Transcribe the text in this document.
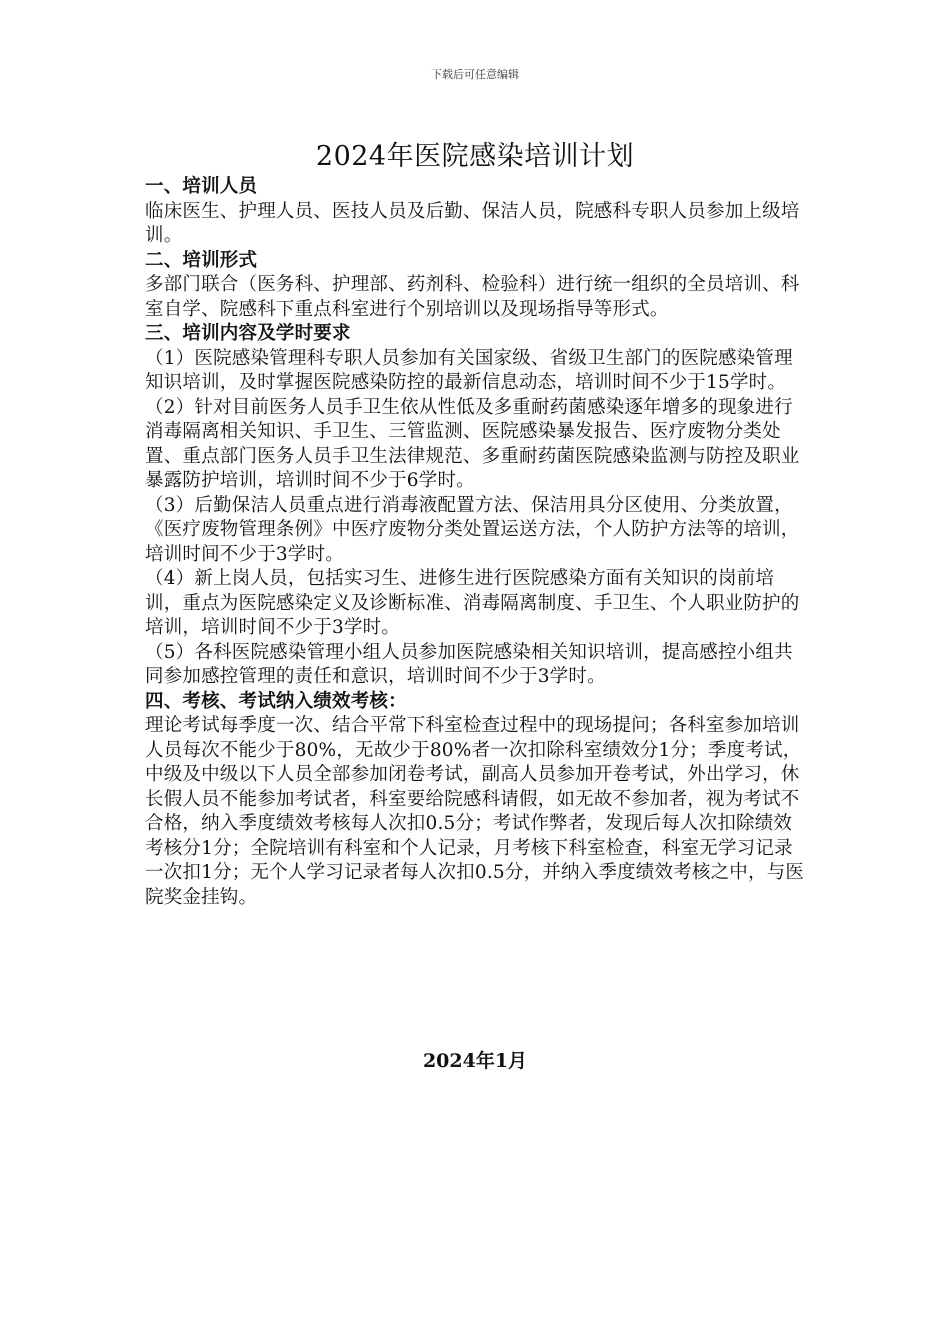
下载后可任意编辑
2024年医院感染培训计划

一、培训人员

临床医生、护理人员、医技人员及后勤、保洁人员，院感科专职人员参加上级培训。

二、培训形式

多部门联合（医务科、护理部、药剂科、检验科）进行统一组织的全员培训、科室自学、院感科下重点科室进行个别培训以及现场指导等形式。

三、培训内容及学时要求

（1）医院感染管理科专职人员参加有关国家级、省级卫生部门的医院感染管理知识培训，及时掌握医院感染防控的最新信息动态，培训时间不少于15学时。

（2）针对目前医务人员手卫生依从性低及多重耐药菌感染逐年增多的现象进行消毒隔离相关知识、手卫生、三管监测、医院感染暴发报告、医疗废物分类处置、重点部门医务人员手卫生法律规范、多重耐药菌医院感染监测与防控及职业暴露防护培训，培训时间不少于6学时。

（3）后勤保洁人员重点进行消毒液配置方法、保洁用具分区使用、分类放置，《医疗废物管理条例》中医疗废物分类处置运送方法，个人防护方法等的培训，培训时间不少于3学时。

（4）新上岗人员，包括实习生、进修生进行医院感染方面有关知识的岗前培训，重点为医院感染定义及诊断标准、消毒隔离制度、手卫生、个人职业防护的培训，培训时间不少于3学时。

（5）各科医院感染管理小组人员参加医院感染相关知识培训，提高感控小组共同参加感控管理的责任和意识，培训时间不少于3学时。

四、考核、考试纳入绩效考核：

理论考试每季度一次、结合平常下科室检查过程中的现场提问；各科室参加培训人员每次不能少于80%，无故少于80%者一次扣除科室绩效分1分；季度考试，中级及中级以下人员全部参加闭卷考试，副高人员参加开卷考试，外出学习，休长假人员不能参加考试者，科室要给院感科请假，如无故不参加者，视为考试不合格，纳入季度绩效考核每人次扣0.5分；考试作弊者，发现后每人次扣除绩效考核分1分；全院培训有科室和个人记录，月考核下科室检查，科室无学习记录一次扣1分；无个人学习记录者每人次扣0.5分，并纳入季度绩效考核之中，与医院奖金挂钩。

2024年1月
